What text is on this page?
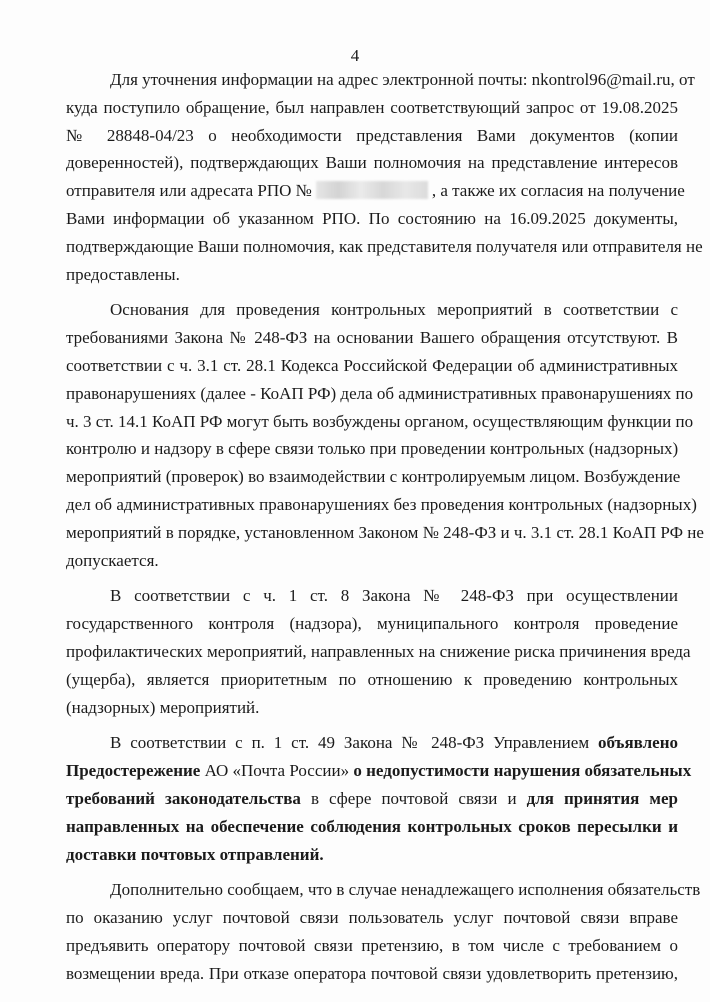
4
Для уточнения информации на адрес электронной почты: nkontrol96@mail.ru, от
куда поступило обращение, был направлен соответствующий запрос от 19.08.2025
№ 28848-04/23 о необходимости представления Вами документов (копии
доверенностей), подтверждающих Ваши полномочия на представление интересов
отправителя или адресата РПО №	, а также их согласия на получение
Вами информации об указанном РПО. По состоянию на 16.09.2025 документы,
подтверждающие Ваши полномочия, как представителя получателя или отправителя не
предоставлены.
Основания для проведения контрольных мероприятий в соответствии с
требованиями Закона № 248-ФЗ на основании Вашего обращения отсутствуют. В
соответствии с ч. 3.1 ст. 28.1 Кодекса Российской Федерации об административных
правонарушениях (далее - КоАП РФ) дела об административных правонарушениях по
ч. 3 ст. 14.1 КоАП РФ могут быть возбуждены органом, осуществляющим функции по
контролю и надзору в сфере связи только при проведении контрольных (надзорных)
мероприятий (проверок) во взаимодействии с контролируемым лицом. Возбуждение
дел об административных правонарушениях без проведения контрольных (надзорных)
мероприятий в порядке, установленном Законом № 248-ФЗ и ч. 3.1 ст. 28.1 КоАП РФ не
допускается.
В соответствии с ч. 1 ст. 8 Закона № 248-ФЗ при осуществлении
государственного контроля (надзора), муниципального контроля проведение
профилактических мероприятий, направленных на снижение риска причинения вреда
(ущерба), является приоритетным по отношению к проведению контрольных
(надзорных) мероприятий.
В соответствии с п. 1 ст. 49 Закона № 248-ФЗ Управлением объявлено
Предостережение АО «Почта России» о недопустимости нарушения обязательных
требований законодательства в сфере почтовой связи и для принятия мер
направленных на обеспечение соблюдения контрольных сроков пересылки и
доставки почтовых отправлений.
Дополнительно сообщаем, что в случае ненадлежащего исполнения обязательств
по оказанию услуг почтовой связи пользователь услуг почтовой связи вправе
предъявить оператору почтовой связи претензию, в том числе с требованием о
возмещении вреда. При отказе оператора почтовой связи удовлетворить претензию,
